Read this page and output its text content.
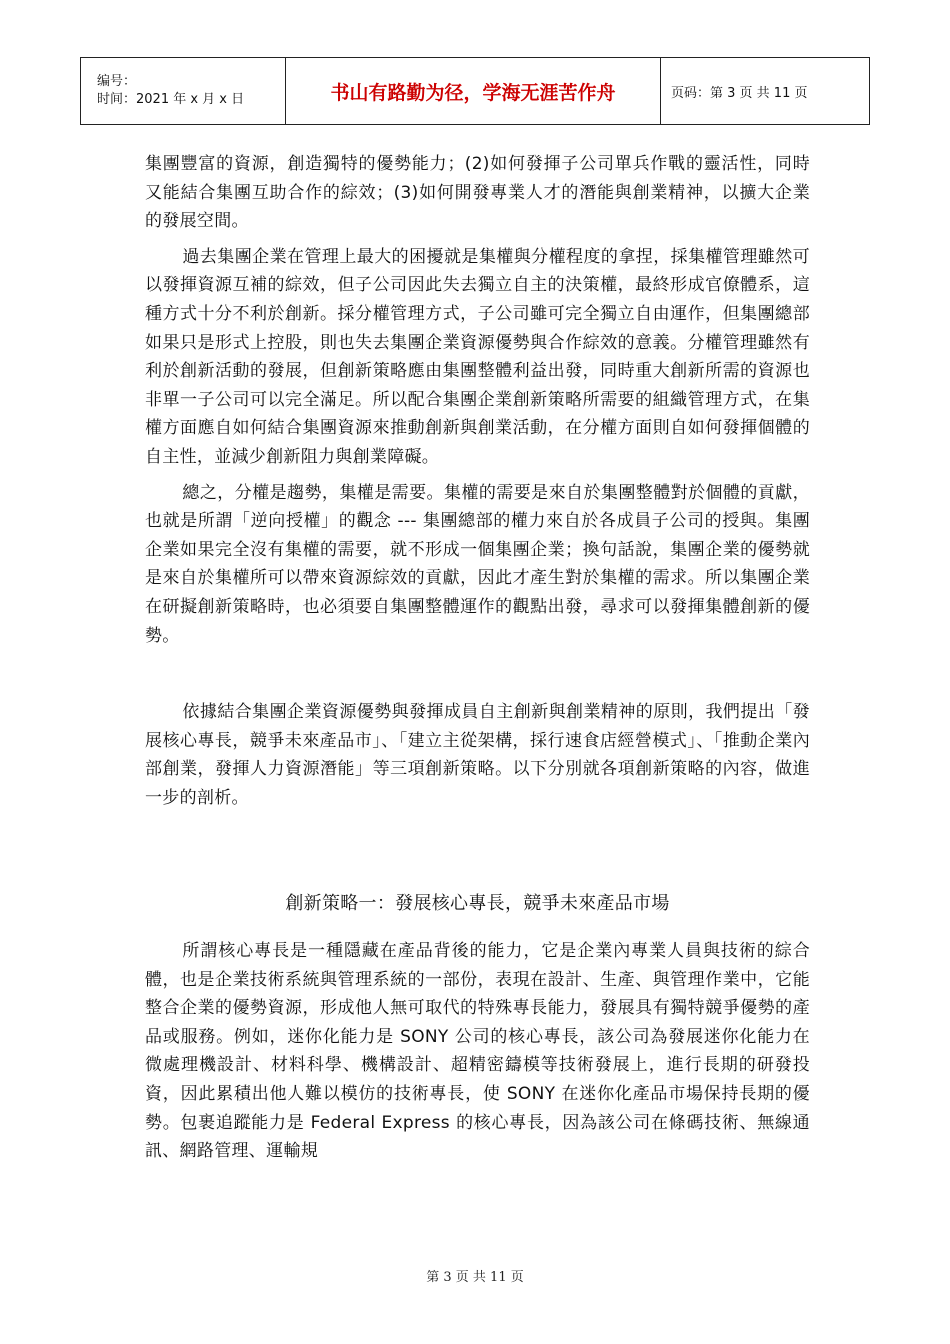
编号：
时间：2021 年 x 月 x 日	书山有路勤为径，学海无涯苦作舟	页码：第 3 页 共 11 页

集團豐富的資源，創造獨特的優勢能力；(2)如何發揮子公司單兵作戰的靈活性，同時又能結合集團互助合作的綜效；(3)如何開發專業人才的潛能與創業精神，以擴大企業的發展空間。

過去集團企業在管理上最大的困擾就是集權與分權程度的拿捏，採集權管理雖然可以發揮資源互補的綜效，但子公司因此失去獨立自主的決策權，最終形成官僚體系，這種方式十分不利於創新。採分權管理方式，子公司雖可完全獨立自由運作，但集團總部如果只是形式上控股，則也失去集團企業資源優勢與合作綜效的意義。分權管理雖然有利於創新活動的發展，但創新策略應由集團整體利益出發，同時重大創新所需的資源也非單一子公司可以完全滿足。所以配合集團企業創新策略所需要的組織管理方式，在集權方面應自如何結合集團資源來推動創新與創業活動，在分權方面則自如何發揮個體的自主性，並減少創新阻力與創業障礙。

總之，分權是趨勢，集權是需要。集權的需要是來自於集團整體對於個體的貢獻，也就是所謂「逆向授權」的觀念 --- 集團總部的權力來自於各成員子公司的授與。集團企業如果完全沒有集權的需要，就不形成一個集團企業；換句話說，集團企業的優勢就是來自於集權所可以帶來資源綜效的貢獻，因此才產生對於集權的需求。所以集團企業在研擬創新策略時，也必須要自集團整體運作的觀點出發，尋求可以發揮集體創新的優勢。

依據結合集團企業資源優勢與發揮成員自主創新與創業精神的原則，我們提出「發展核心專長，競爭未來產品市」、「建立主從架構，採行速食店經營模式」、「推動企業內部創業，發揮人力資源潛能」等三項創新策略。以下分別就各項創新策略的內容，做進一步的剖析。

創新策略一：發展核心專長，競爭未來產品市場

所謂核心專長是一種隱藏在產品背後的能力，它是企業內專業人員與技術的綜合體，也是企業技術系統與管理系統的一部份，表現在設計、生產、與管理作業中，它能整合企業的優勢資源，形成他人無可取代的特殊專長能力，發展具有獨特競爭優勢的產品或服務。例如，迷你化能力是 SONY 公司的核心專長，該公司為發展迷你化能力在微處理機設計、材料科學、機構設計、超精密鑄模等技術發展上，進行長期的研發投資，因此累積出他人難以模仿的技術專長，使 SONY 在迷你化產品市場保持長期的優勢。包裹追蹤能力是 Federal Express 的核心專長，因為該公司在條碼技術、無線通訊、網路管理、運輸規

第 3 页 共 11 页
